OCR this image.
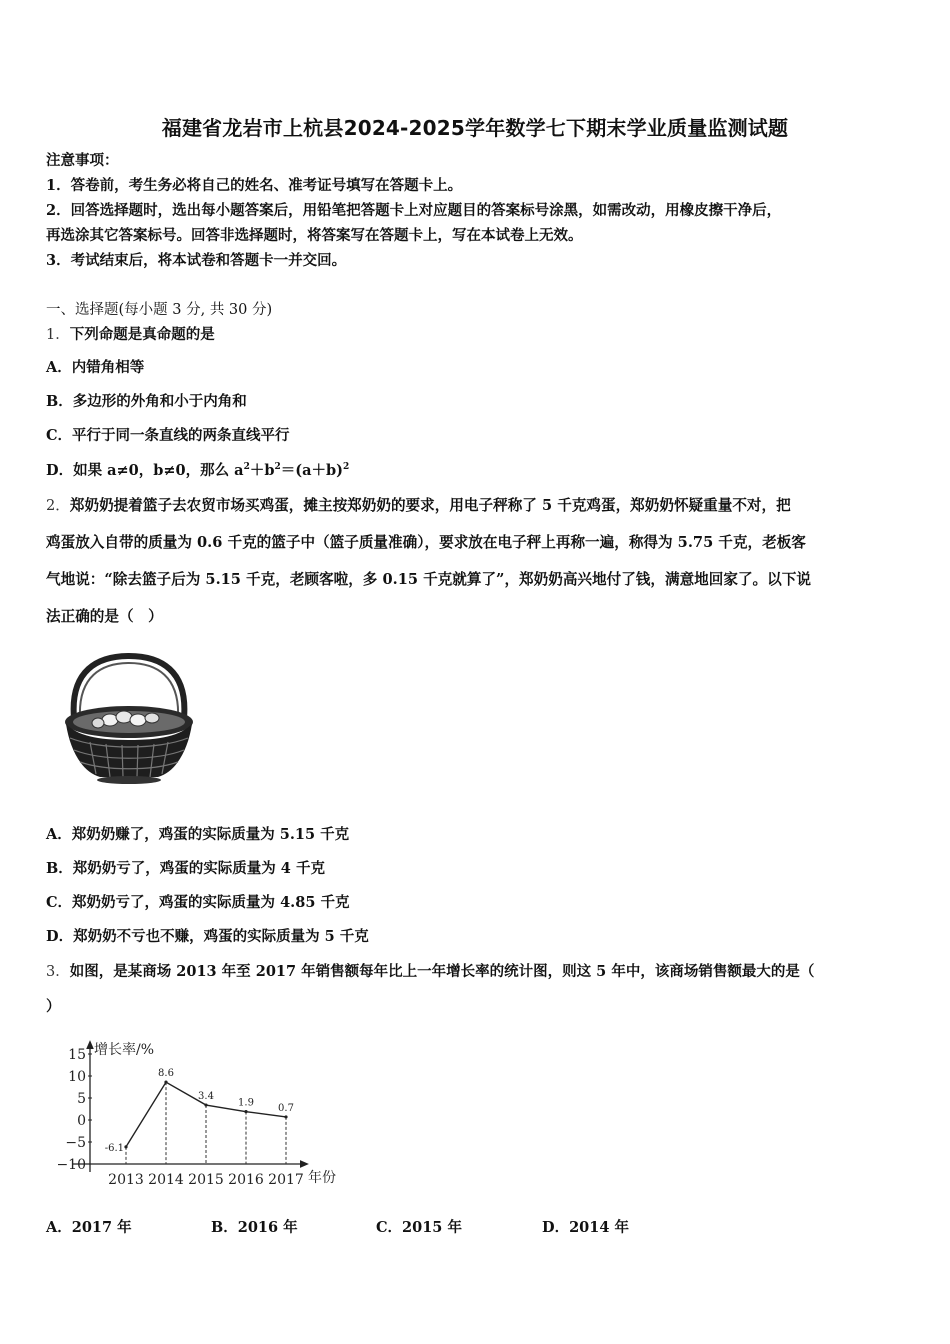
福建省龙岩市上杭县2024-2025学年数学七下期末学业质量监测试题
注意事项：
1．答卷前，考生务必将自己的姓名、准考证号填写在答题卡上。
2．回答选择题时，选出每小题答案后，用铅笔把答题卡上对应题目的答案标号涂黑，如需改动，用橡皮擦干净后，
再选涂其它答案标号。回答非选择题时，将答案写在答题卡上，写在本试卷上无效。
3．考试结束后，将本试卷和答题卡一并交回。
一、选择题(每小题 3 分, 共 30 分)
1．下列命题是真命题的是
A．内错角相等
B．多边形的外角和小于内角和
C．平行于同一条直线的两条直线平行
D．如果 a≠0，b≠0，那么 $a^2+b^2=(a+b)^2$
2．郑奶奶提着篮子去农贸市场买鸡蛋，摊主按郑奶奶的要求，用电子秤称了 5 千克鸡蛋，郑奶奶怀疑重量不对，把
鸡蛋放入自带的质量为 0.6 千克的篮子中（篮子质量准确），要求放在电子秤上再称一遍，称得为 5.75 千克，老板客
气地说：“除去篮子后为 5.15 千克，老顾客啦，多 0.15 千克就算了”，郑奶奶高兴地付了钱，满意地回家了。以下说
法正确的是（　）
A．郑奶奶赚了，鸡蛋的实际质量为 5.15 千克
B．郑奶奶亏了，鸡蛋的实际质量为 4 千克
C．郑奶奶亏了，鸡蛋的实际质量为 4.85 千克
D．郑奶奶不亏也不赚，鸡蛋的实际质量为 5 千克
3．如图，是某商场 2013 年至 2017 年销售额每年比上一年增长率的统计图，则这 5 年中，该商场销售额最大的是（
）
增长率/%
年份
15
10
5
0
−5
−10
2013 2014 2015 2016 2017
-6.1
8.6
3.4
1.9 0.7
A．2017 年	B．2016 年	C．2015 年	D．2014 年
